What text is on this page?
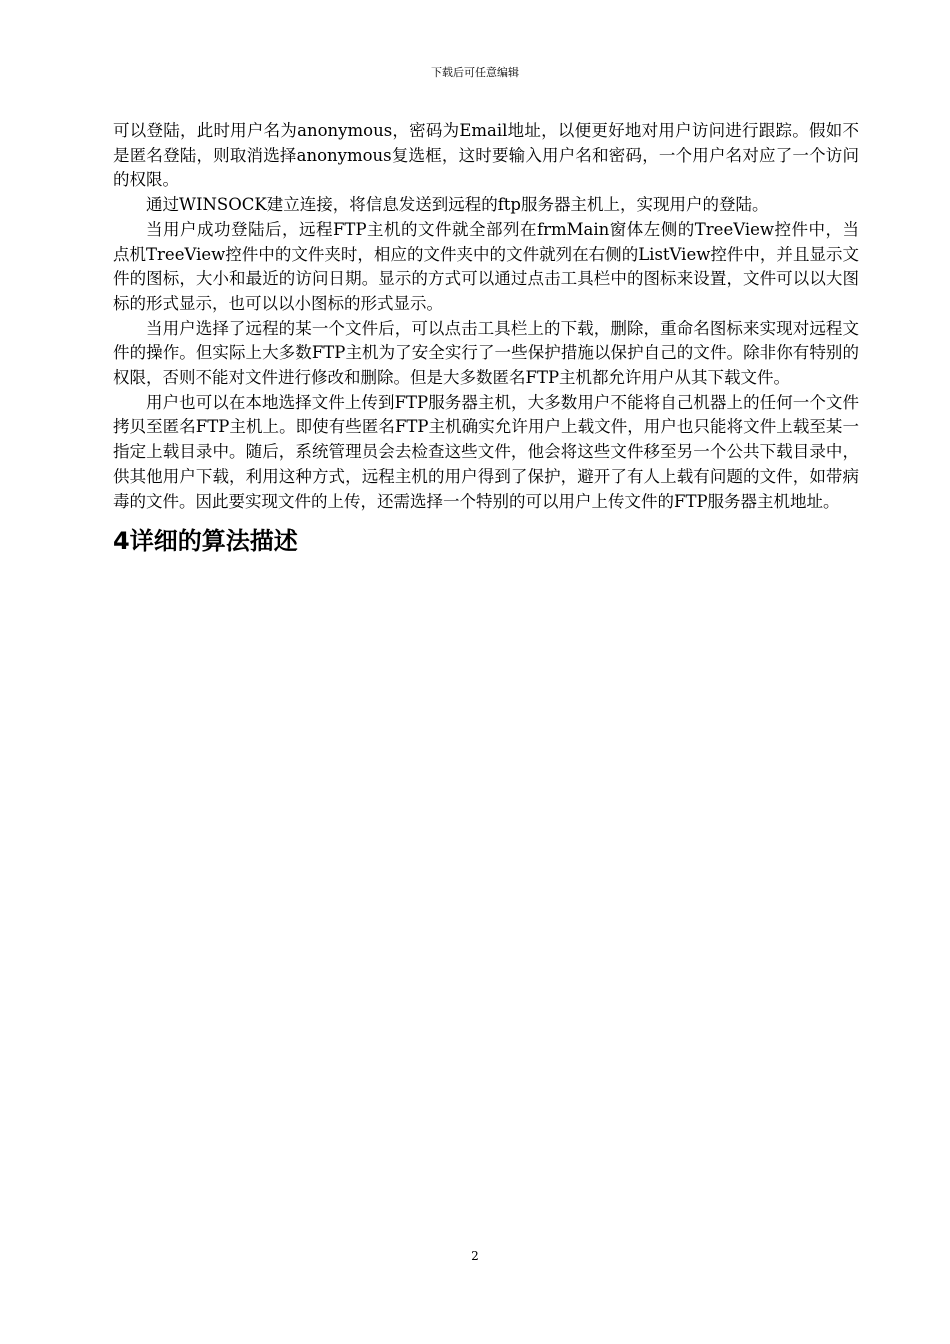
下载后可任意编辑

可以登陆，此时用户名为anonymous，密码为Email地址，以便更好地对用户访问进行跟踪。假如不是匿名登陆，则取消选择anonymous复选框，这时要输入用户名和密码，一个用户名对应了一个访问的权限。

通过WINSOCK建立连接，将信息发送到远程的ftp服务器主机上，实现用户的登陆。

当用户成功登陆后，远程FTP主机的文件就全部列在frmMain窗体左侧的TreeView控件中，当点机TreeView控件中的文件夹时，相应的文件夹中的文件就列在右侧的ListView控件中，并且显示文件的图标，大小和最近的访问日期。显示的方式可以通过点击工具栏中的图标来设置，文件可以以大图标的形式显示，也可以以小图标的形式显示。

当用户选择了远程的某一个文件后，可以点击工具栏上的下载，删除，重命名图标来实现对远程文件的操作。但实际上大多数FTP主机为了安全实行了一些保护措施以保护自己的文件。除非你有特别的权限，否则不能对文件进行修改和删除。但是大多数匿名FTP主机都允许用户从其下载文件。

用户也可以在本地选择文件上传到FTP服务器主机，大多数用户不能将自己机器上的任何一个文件拷贝至匿名FTP主机上。即使有些匿名FTP主机确实允许用户上载文件，用户也只能将文件上载至某一指定上载目录中。随后，系统管理员会去检查这些文件，他会将这些文件移至另一个公共下载目录中，供其他用户下载，利用这种方式，远程主机的用户得到了保护，避开了有人上载有问题的文件，如带病毒的文件。因此要实现文件的上传，还需选择一个特别的可以用户上传文件的FTP服务器主机地址。

4详细的算法描述
2
